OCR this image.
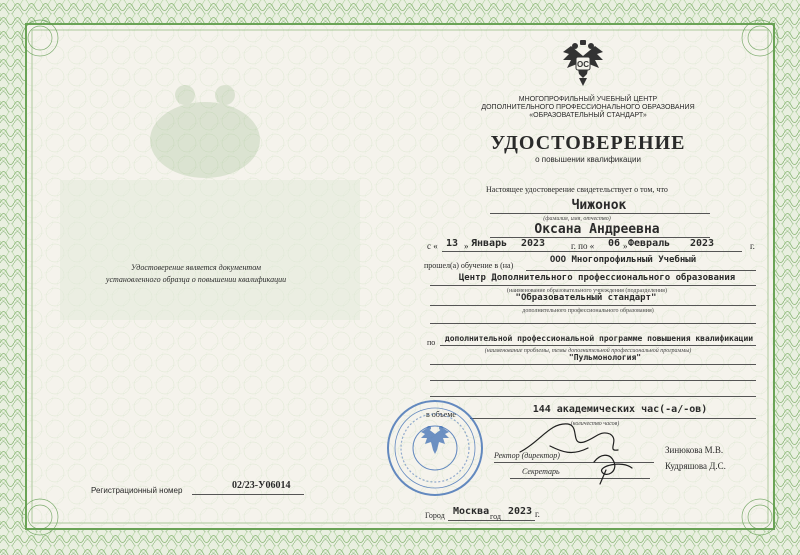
ОС
МНОГОПРОФИЛЬНЫЙ УЧЕБНЫЙ ЦЕНТР
ДОПОЛНИТЕЛЬНОГО ПРОФЕССИОНАЛЬНОГО ОБРАЗОВАНИЯ
«ОБРАЗОВАТЕЛЬНЫЙ СТАНДАРТ»
УДОСТОВЕРЕНИЕ
о повышении квалификации
Удостоверение является документом
установленного образца о повышении квалификации
Регистрационный номер	02/23-У06014
Настоящее удостоверение свидетельствует о том, что
Чижонок
(фамилия, имя, отчество)
Оксана Андреевна
с « 13 » Январь 2023	г. по « 06 » Февраль 2023	г.
прошел(а) обучение в (на)
ООО Многопрофильный Учебный
Центр Дополнительного профессионального образования
(наименование образовательного учреждения (подразделения)
"Образовательный стандарт"
дополнительного профессионального образования)
по дополнительной профессиональной программе повышения квалификации
(наименование проблемы, темы дополнительной профессиональной программы)
"Пульмонология"
в объеме	144 академических час(-а/-ов)
(количество часов)
Ректор (директор)
Зинюкова М.В.
Секретарь
Кудряшова Д.С.
Город Москва год 2023 г.
